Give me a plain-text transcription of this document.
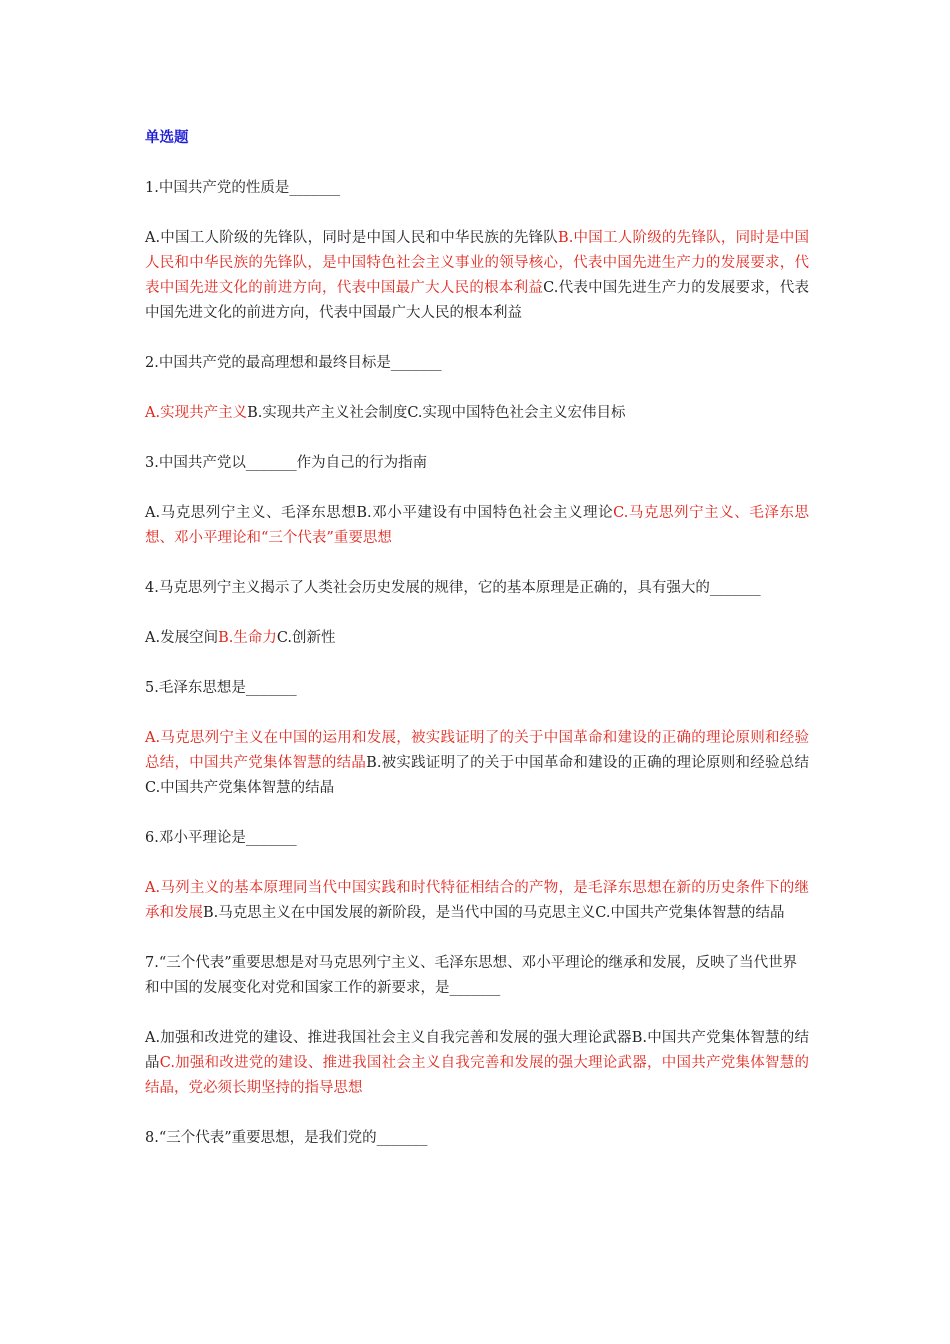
单选题
1.中国共产党的性质是_______
A.中国工人阶级的先锋队，同时是中国人民和中华民族的先锋队B.中国工人阶级的先锋队，同时是中国人民和中华民族的先锋队，是中国特色社会主义事业的领导核心，代表中国先进生产力的发展要求，代表中国先进文化的前进方向，代表中国最广大人民的根本利益C.代表中国先进生产力的发展要求，代表中国先进文化的前进方向，代表中国最广大人民的根本利益
2.中国共产党的最高理想和最终目标是_______
A.实现共产主义B.实现共产主义社会制度C.实现中国特色社会主义宏伟目标
3.中国共产党以_______作为自己的行为指南
A.马克思列宁主义、毛泽东思想B.邓小平建设有中国特色社会主义理论C.马克思列宁主义、毛泽东思想、邓小平理论和“三个代表”重要思想
4.马克思列宁主义揭示了人类社会历史发展的规律，它的基本原理是正确的，具有强大的_______
A.发展空间B.生命力C.创新性
5.毛泽东思想是_______
A.马克思列宁主义在中国的运用和发展，被实践证明了的关于中国革命和建设的正确的理论原则和经验总结，中国共产党集体智慧的结晶B.被实践证明了的关于中国革命和建设的正确的理论原则和经验总结C.中国共产党集体智慧的结晶
6.邓小平理论是_______
A.马列主义的基本原理同当代中国实践和时代特征相结合的产物，是毛泽东思想在新的历史条件下的继承和发展B.马克思主义在中国发展的新阶段，是当代中国的马克思主义C.中国共产党集体智慧的结晶
7.“三个代表”重要思想是对马克思列宁主义、毛泽东思想、邓小平理论的继承和发展，反映了当代世界和中国的发展变化对党和国家工作的新要求，是_______
A.加强和改进党的建设、推进我国社会主义自我完善和发展的强大理论武器B.中国共产党集体智慧的结晶C.加强和改进党的建设、推进我国社会主义自我完善和发展的强大理论武器，中国共产党集体智慧的结晶，党必须长期坚持的指导思想
8.“三个代表”重要思想，是我们党的_______
